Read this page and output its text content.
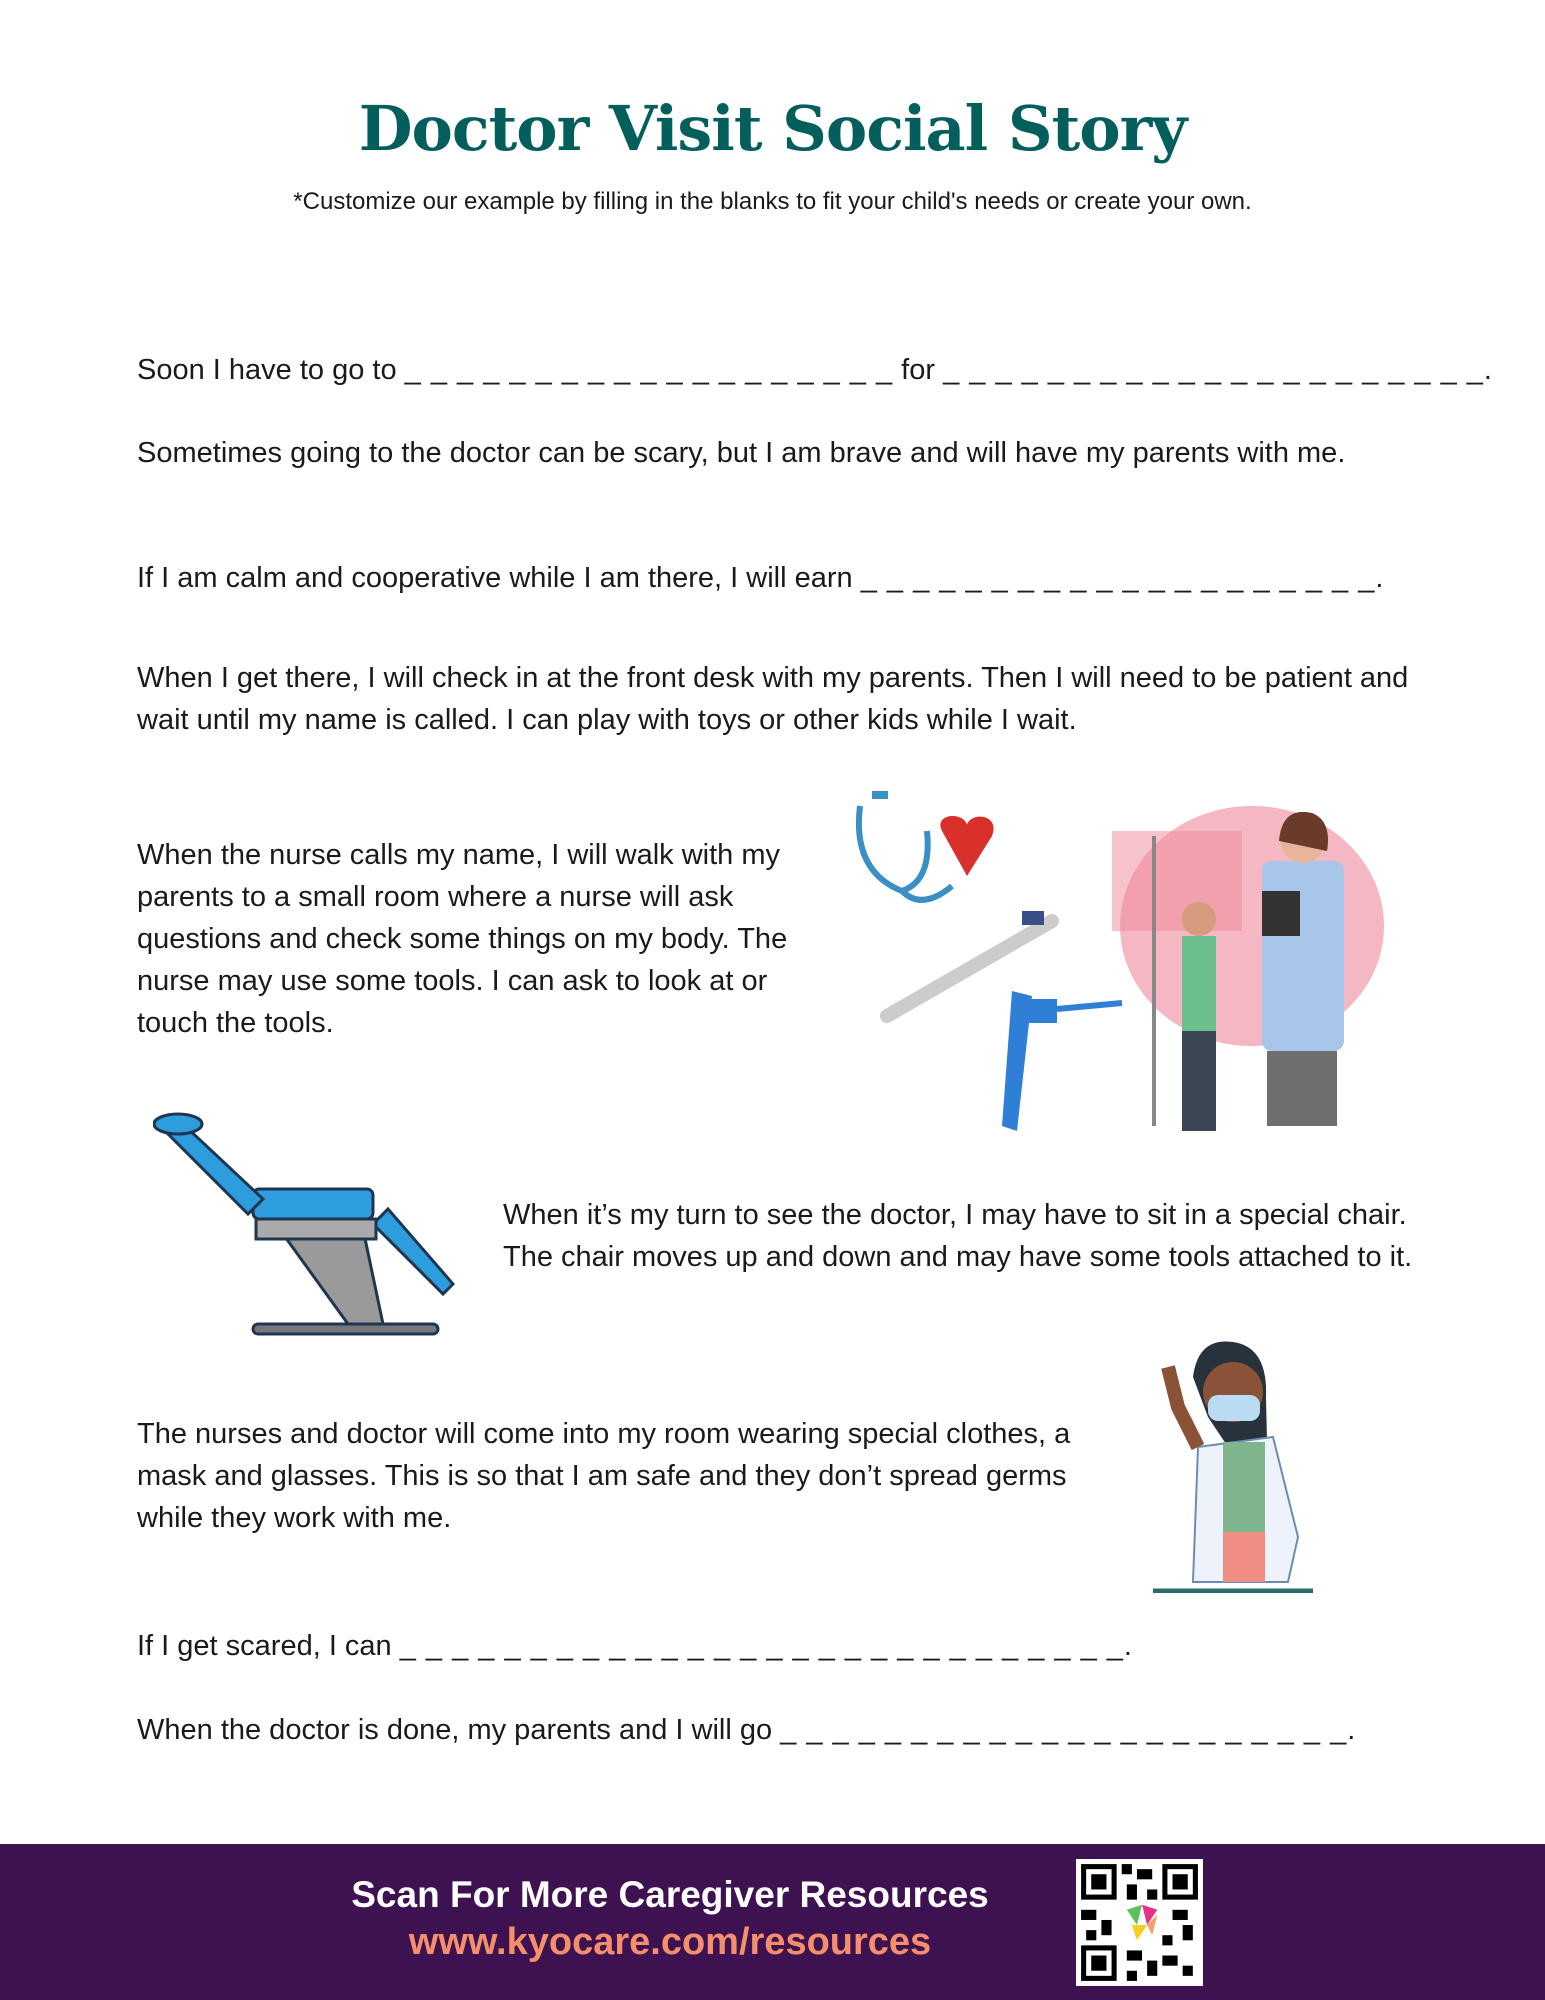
Doctor Visit Social Story
*Customize our example by filling in the blanks to fit your child's needs or create your own.

Soon I have to go to _ _ _ _ _ _ _ _ _ _ _ _ _ _ _ _ _ _ _ for _ _ _ _ _ _ _ _ _ _ _ _ _ _ _ _ _ _ _ _ _.

Sometimes going to the doctor can be scary, but I am brave and will have my parents with me.

If I am calm and cooperative while I am there, I will earn _ _ _ _ _ _ _ _ _ _ _ _ _ _ _ _ _ _ _ _.

When I get there, I will check in at the front desk with my parents. Then I will need to be patient and wait until my name is called. I can play with toys or other kids while I wait.

When the nurse calls my name, I will walk with my parents to a small room where a nurse will ask questions and check some things on my body. The nurse may use some tools. I can ask to look at or touch the tools.

When it’s my turn to see the doctor, I may have to sit in a special chair. The chair moves up and down and may have some tools attached to it.

The nurses and doctor will come into my room wearing special clothes, a mask and glasses. This is so that I am safe and they don’t spread germs while they work with me.

If I get scared, I can _ _ _ _ _ _ _ _ _ _ _ _ _ _ _ _ _ _ _ _ _ _ _ _ _ _ _ _.

When the doctor is done, my parents and I will go _ _ _ _ _ _ _ _ _ _ _ _ _ _ _ _ _ _ _ _ _ _.

Scan For More Caregiver Resources
www.kyocare.com/resources
